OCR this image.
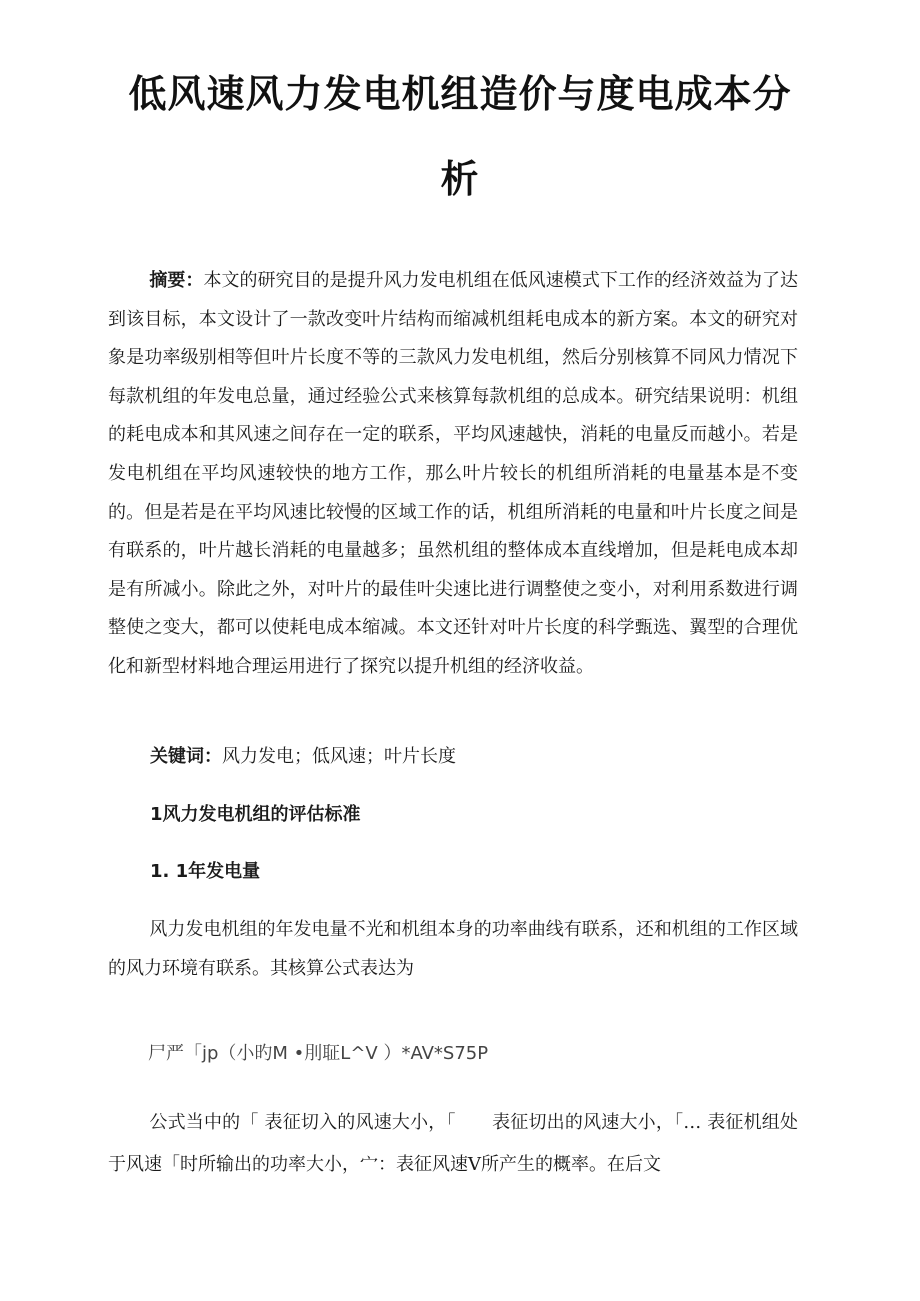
低风速风力发电机组造价与度电成本分
析

摘要：本文的研究目的是提升风力发电机组在低风速模式下工作的经济效益为了达到该目标，本文设计了一款改变叶片结构而缩减机组耗电成本的新方案。本文的研究对象是功率级别相等但叶片长度不等的三款风力发电机组，然后分别核算不同风力情况下每款机组的年发电总量，通过经验公式来核算每款机组的总成本。研究结果说明：机组的耗电成本和其风速之间存在一定的联系，平均风速越快，消耗的电量反而越小。若是发电机组在平均风速较快的地方工作，那么叶片较长的机组所消耗的电量基本是不变的。但是若是在平均风速比较慢的区域工作的话，机组所消耗的电量和叶片长度之间是有联系的，叶片越长消耗的电量越多；虽然机组的整体成本直线增加，但是耗电成本却是有所减小。除此之外，对叶片的最佳叶尖速比进行调整使之变小，对利用系数进行调整使之变大，都可以使耗电成本缩减。本文还针对叶片长度的科学甄选、翼型的合理优化和新型材料地合理运用进行了探究以提升机组的经济收益。

关键词：风力发电；低风速；叶片长度

1风力发电机组的评估标准

1. 1年发电量

风力发电机组的年发电量不光和机组本身的功率曲线有联系，还和机组的工作区域的风力环境有联系。其核算公式表达为

尸严「jp（小旳M •刖聇L^V ）*AV*S75P

公式当中的「 表征切入的风速大小，「　　表征切出的风速大小，「… 表征机组处于风速「时所输出的功率大小，宀：表征风速V所产生的概率。在后文
